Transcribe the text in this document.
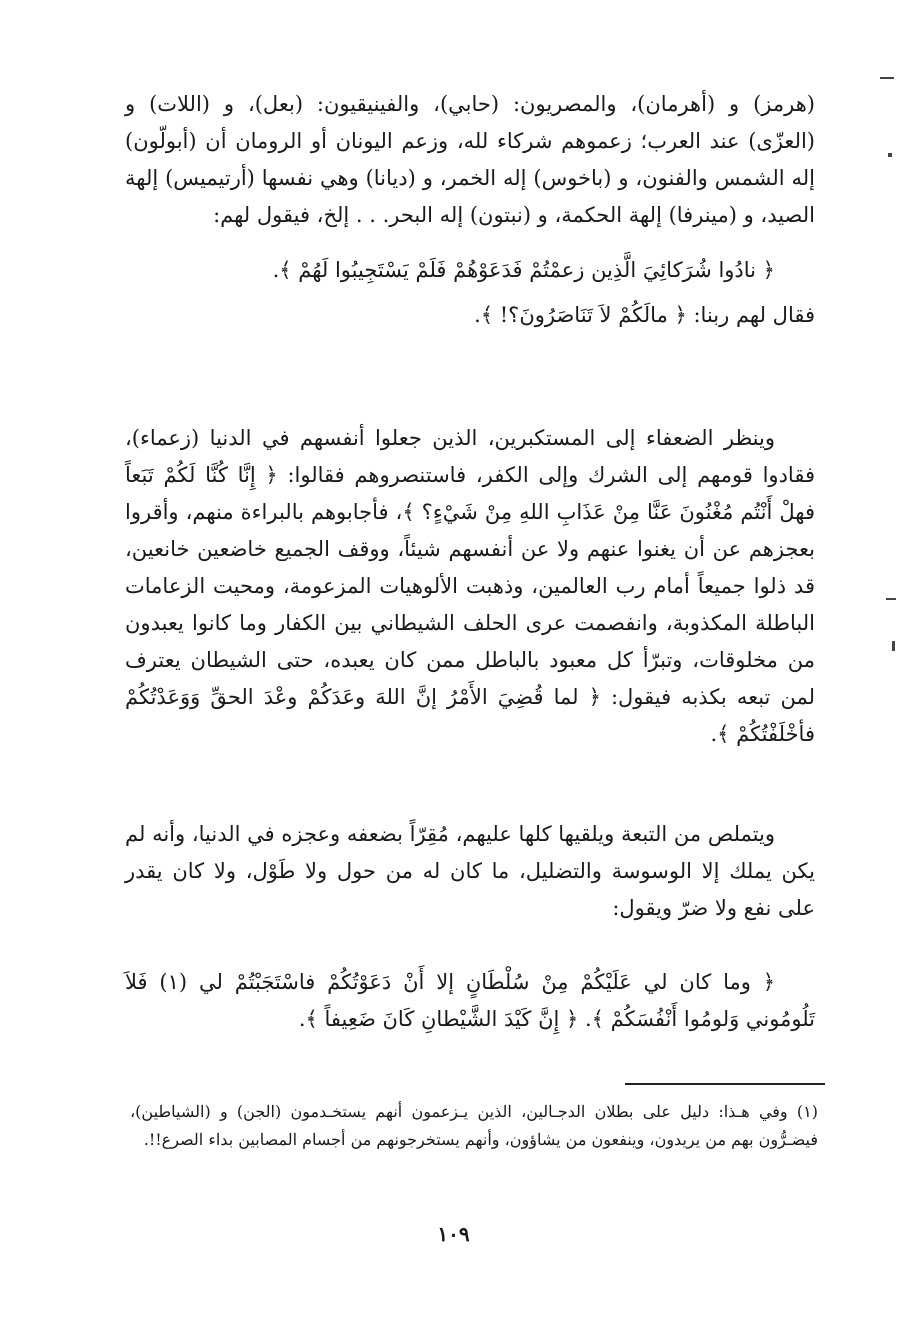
(هرمز) و (أهرمان)، والمصريون: (حابي)، والفينيقيون: (بعل)، و (اللات) و (العزّى) عند العرب؛ زعموهم شركاء لله، وزعم اليونان أو الرومان أن (أبولّون) إله الشمس والفنون، و (باخوس) إله الخمر، و (ديانا) وهي نفسها (أرتيميس) إلهة الصيد، و (مينرفا) إلهة الحكمة، و (نبتون) إله البحر. . . إلخ، فيقول لهم:

﴿ نادُوا شُرَكائِيَ الَّذِين زعمْتُمْ فَدَعَوْهُمْ فَلَمْ يَسْتَجِيبُوا لَهُمْ ﴾.

فقال لهم ربنا: ﴿ مالَكُمْ لاَ تَنَاصَرُونَ؟! ﴾.

وينظر الضعفاء إلى المستكبرين، الذين جعلوا أنفسهم في الدنيا (زعماء)، فقادوا قومهم إلى الشرك وإلى الكفر، فاستنصروهم فقالوا: ﴿ إِنَّا كُنَّا لَكُمْ تَبَعاً فهلْ أَنْتُم مُغْنُونَ عَنَّا مِنْ عَذَابِ اللهِ مِنْ شَيْءٍ؟ ﴾، فأجابوهم بالبراءة منهم، وأقروا بعجزهم عن أن يغنوا عنهم ولا عن أنفسهم شيئاً، ووقف الجميع خاضعين خانعين، قد ذلوا جميعاً أمام رب العالمين، وذهبت الألوهيات المزعومة، ومحيت الزعامات الباطلة المكذوبة، وانفصمت عرى الحلف الشيطاني بين الكفار وما كانوا يعبدون من مخلوقات، وتبرّأ كل معبود بالباطل ممن كان يعبده، حتى الشيطان يعترف لمن تبعه بكذبه فيقول: ﴿ لما قُضِيَ الأَمْرُ إنَّ اللهَ وعَدَكُمْ وعْدَ الحقِّ وَوَعَدْتُكُمْ فأخْلَفْتُكُمْ ﴾.

ويتملص من التبعة ويلقيها كلها عليهم، مُقِرّاً بضعفه وعجزه في الدنيا، وأنه لم يكن يملك إلا الوسوسة والتضليل، ما كان له من حول ولا طَوْل، ولا كان يقدر على نفع ولا ضرّ ويقول:

﴿ وما كان لي عَلَيْكُمْ مِنْ سُلْطَانٍ إلا أَنْ دَعَوْتُكُمْ فاسْتَجَبْتُمْ لي (١) فَلاَ تَلُومُوني وَلومُوا أَنْفُسَكُمْ ﴾. ﴿ إِنَّ كَيْدَ الشَّيْطانِ كَانَ ضَعِيفاً ﴾.

(١) وفي هـذا: دليل على بطلان الدجـالين، الذين يـزعمون أنهم يستخـدمون (الجن) و (الشياطين)، فيضـرُّون بهم من يريدون، وينفعون من يشاؤون، وأنهم يستخرجونهم من أجسام المصابين بداء الصرع!!.
١٠٩
